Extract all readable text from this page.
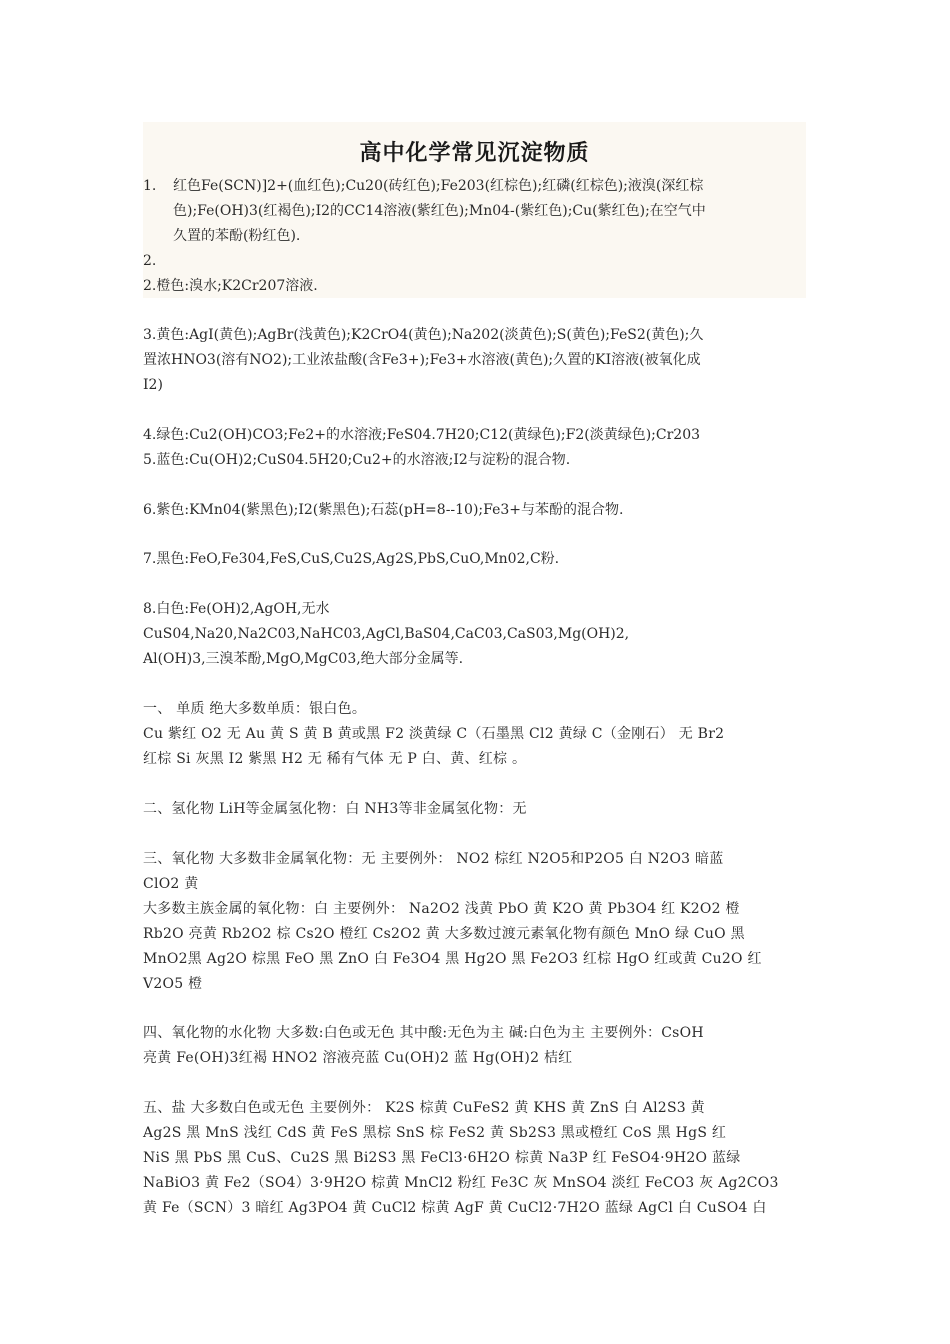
高中化学常见沉淀物质
1. 红色Fe(SCN)]2+(血红色);Cu20(砖红色);Fe203(红棕色);红磷(红棕色);液溴(深红棕
色);Fe(OH)3(红褐色);I2的CC14溶液(紫红色);Mn04-(紫红色);Cu(紫红色);在空气中
久置的苯酚(粉红色).
2.
2.橙色:溴水;K2Cr207溶液.
3.黄色:AgI(黄色);AgBr(浅黄色);K2CrO4(黄色);Na202(淡黄色);S(黄色);FeS2(黄色);久
置浓HNO3(溶有NO2);工业浓盐酸(含Fe3+);Fe3+水溶液(黄色);久置的KI溶液(被氧化成
I2)
4.绿色:Cu2(OH)CO3;Fe2+的水溶液;FeS04.7H20;C12(黄绿色);F2(淡黄绿色);Cr203
5.蓝色:Cu(OH)2;CuS04.5H20;Cu2+的水溶液;I2与淀粉的混合物.
6.紫色:KMn04(紫黑色);I2(紫黑色);石蕊(pH=8--10);Fe3+与苯酚的混合物.
7.黑色:FeO,Fe304,FeS,CuS,Cu2S,Ag2S,PbS,CuO,Mn02,C粉.
8.白色:Fe(OH)2,AgOH,无水
CuS04,Na20,Na2C03,NaHC03,AgCl,BaS04,CaC03,CaS03,Mg(OH)2,
Al(OH)3,三溴苯酚,MgO,MgC03,绝大部分金属等.
一、 单质 绝大多数单质：银白色。
Cu 紫红 O2 无 Au 黄 S 黄 B 黄或黑 F2 淡黄绿 C（石墨黑 Cl2 黄绿 C（金刚石） 无 Br2
红棕 Si 灰黑 I2 紫黑 H2 无 稀有气体 无 P 白、黄、红棕 。
二、氢化物 LiH等金属氢化物：白 NH3等非金属氢化物：无
三、氧化物 大多数非金属氧化物：无 主要例外： NO2 棕红 N2O5和P2O5 白 N2O3 暗蓝
ClO2 黄
大多数主族金属的氧化物：白 主要例外： Na2O2 浅黄 PbO 黄 K2O 黄 Pb3O4 红 K2O2 橙
Rb2O 亮黄 Rb2O2 棕 Cs2O 橙红 Cs2O2 黄 大多数过渡元素氧化物有颜色 MnO 绿 CuO 黑
MnO2黑 Ag2O 棕黑 FeO 黑 ZnO 白 Fe3O4 黑 Hg2O 黑 Fe2O3 红棕 HgO 红或黄 Cu2O 红
V2O5 橙
四、氧化物的水化物 大多数:白色或无色 其中酸:无色为主 碱:白色为主 主要例外：CsOH
亮黄 Fe(OH)3红褐 HNO2 溶液亮蓝 Cu(OH)2 蓝 Hg(OH)2 桔红
五、盐 大多数白色或无色 主要例外： K2S 棕黄 CuFeS2 黄 KHS 黄 ZnS 白 Al2S3 黄
Ag2S 黑 MnS 浅红 CdS 黄 FeS 黑棕 SnS 棕 FeS2 黄 Sb2S3 黑或橙红 CoS 黑 HgS 红
NiS 黑 PbS 黑 CuS、Cu2S 黑 Bi2S3 黑 FeCl3·6H2O 棕黄 Na3P 红 FeSO4·9H2O 蓝绿
NaBiO3 黄 Fe2（SO4）3·9H2O 棕黄 MnCl2 粉红 Fe3C 灰 MnSO4 淡红 FeCO3 灰 Ag2CO3
黄 Fe（SCN）3 暗红 Ag3PO4 黄 CuCl2 棕黄 AgF 黄 CuCl2·7H2O 蓝绿 AgCl 白 CuSO4 白
